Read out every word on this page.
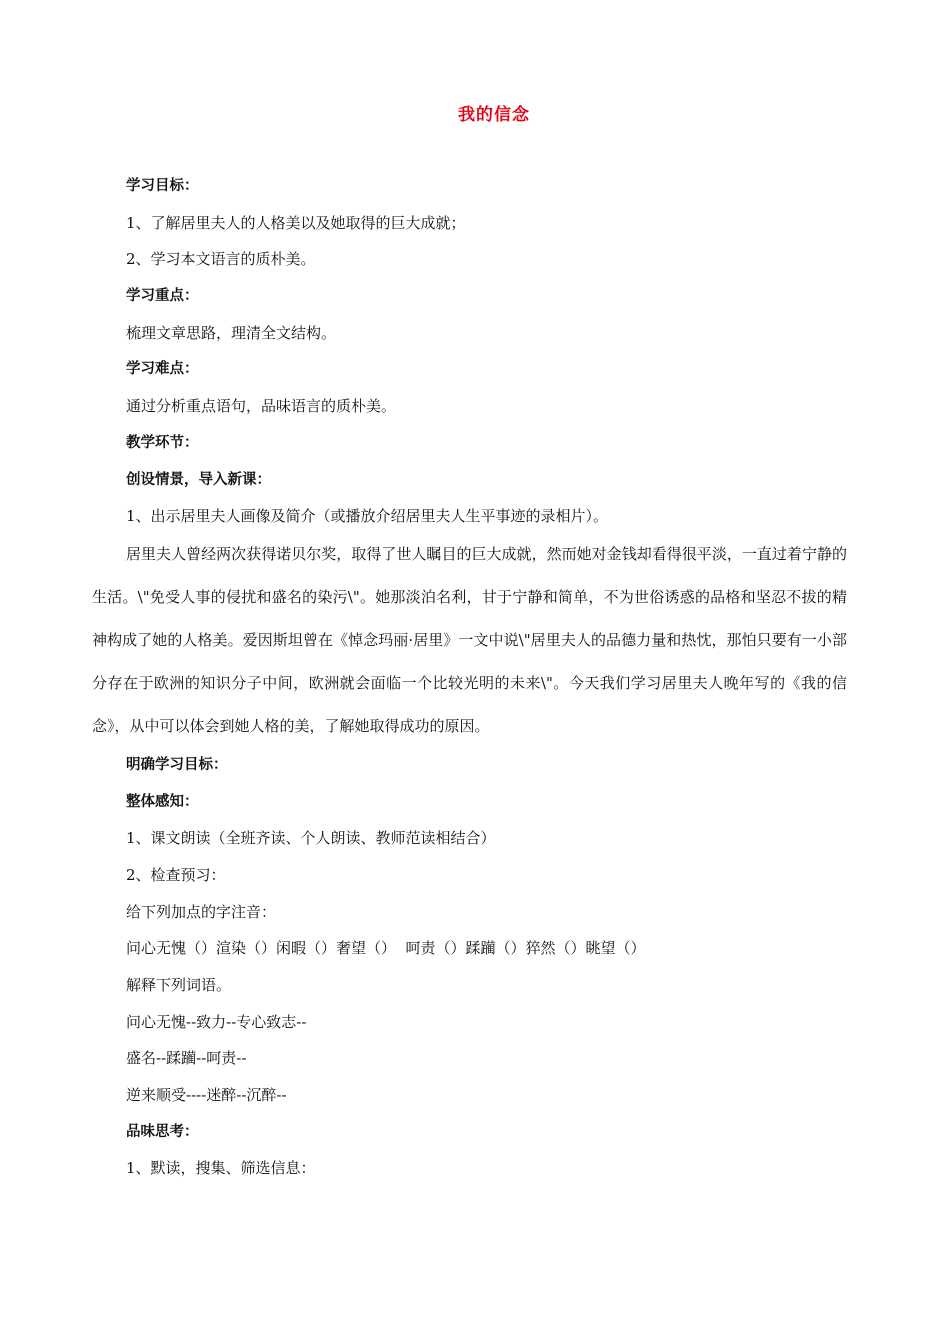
我的信念
学习目标：
1、了解居里夫人的人格美以及她取得的巨大成就；
2、学习本文语言的质朴美。
学习重点：
梳理文章思路，理清全文结构。
学习难点：
通过分析重点语句，品味语言的质朴美。
教学环节：
创设情景，导入新课：
1、出示居里夫人画像及简介（或播放介绍居里夫人生平事迹的录相片）。
居里夫人曾经两次获得诺贝尔奖，取得了世人瞩目的巨大成就，然而她对金钱却看得很平淡，一直过着宁静的生活。\"免受人事的侵扰和盛名的染污\"。她那淡泊名利，甘于宁静和简单，不为世俗诱惑的品格和坚忍不拔的精神构成了她的人格美。爱因斯坦曾在《悼念玛丽·居里》一文中说\"居里夫人的品德力量和热忱，那怕只要有一小部分存在于欧洲的知识分子中间，欧洲就会面临一个比较光明的未来\"。今天我们学习居里夫人晚年写的《我的信念》，从中可以体会到她人格的美，了解她取得成功的原因。
明确学习目标：
整体感知：
1、课文朗读（全班齐读、个人朗读、教师范读相结合）
2、检查预习：
给下列加点的字注音：
问心无愧（）渲染（）闲暇（）奢望（）  呵责（）蹂躏（）猝然（）眺望（）
解释下列词语。
问心无愧--致力--专心致志--
盛名--蹂躏--呵责--
逆来顺受----迷醉--沉醉--
品味思考：
1、默读，搜集、筛选信息：
